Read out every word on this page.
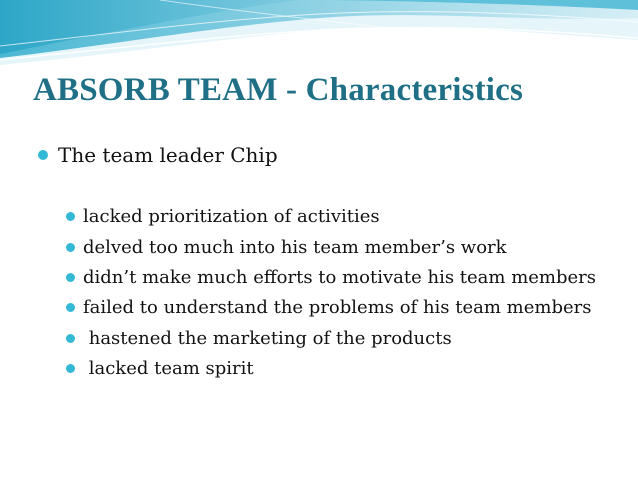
ABSORB TEAM - Characteristics
The team leader Chip
lacked prioritization of activities
delved too much into his team member’s work
didn’t make much efforts to motivate his team members
failed to understand the problems of his team members
hastened the marketing of the products
lacked team spirit
